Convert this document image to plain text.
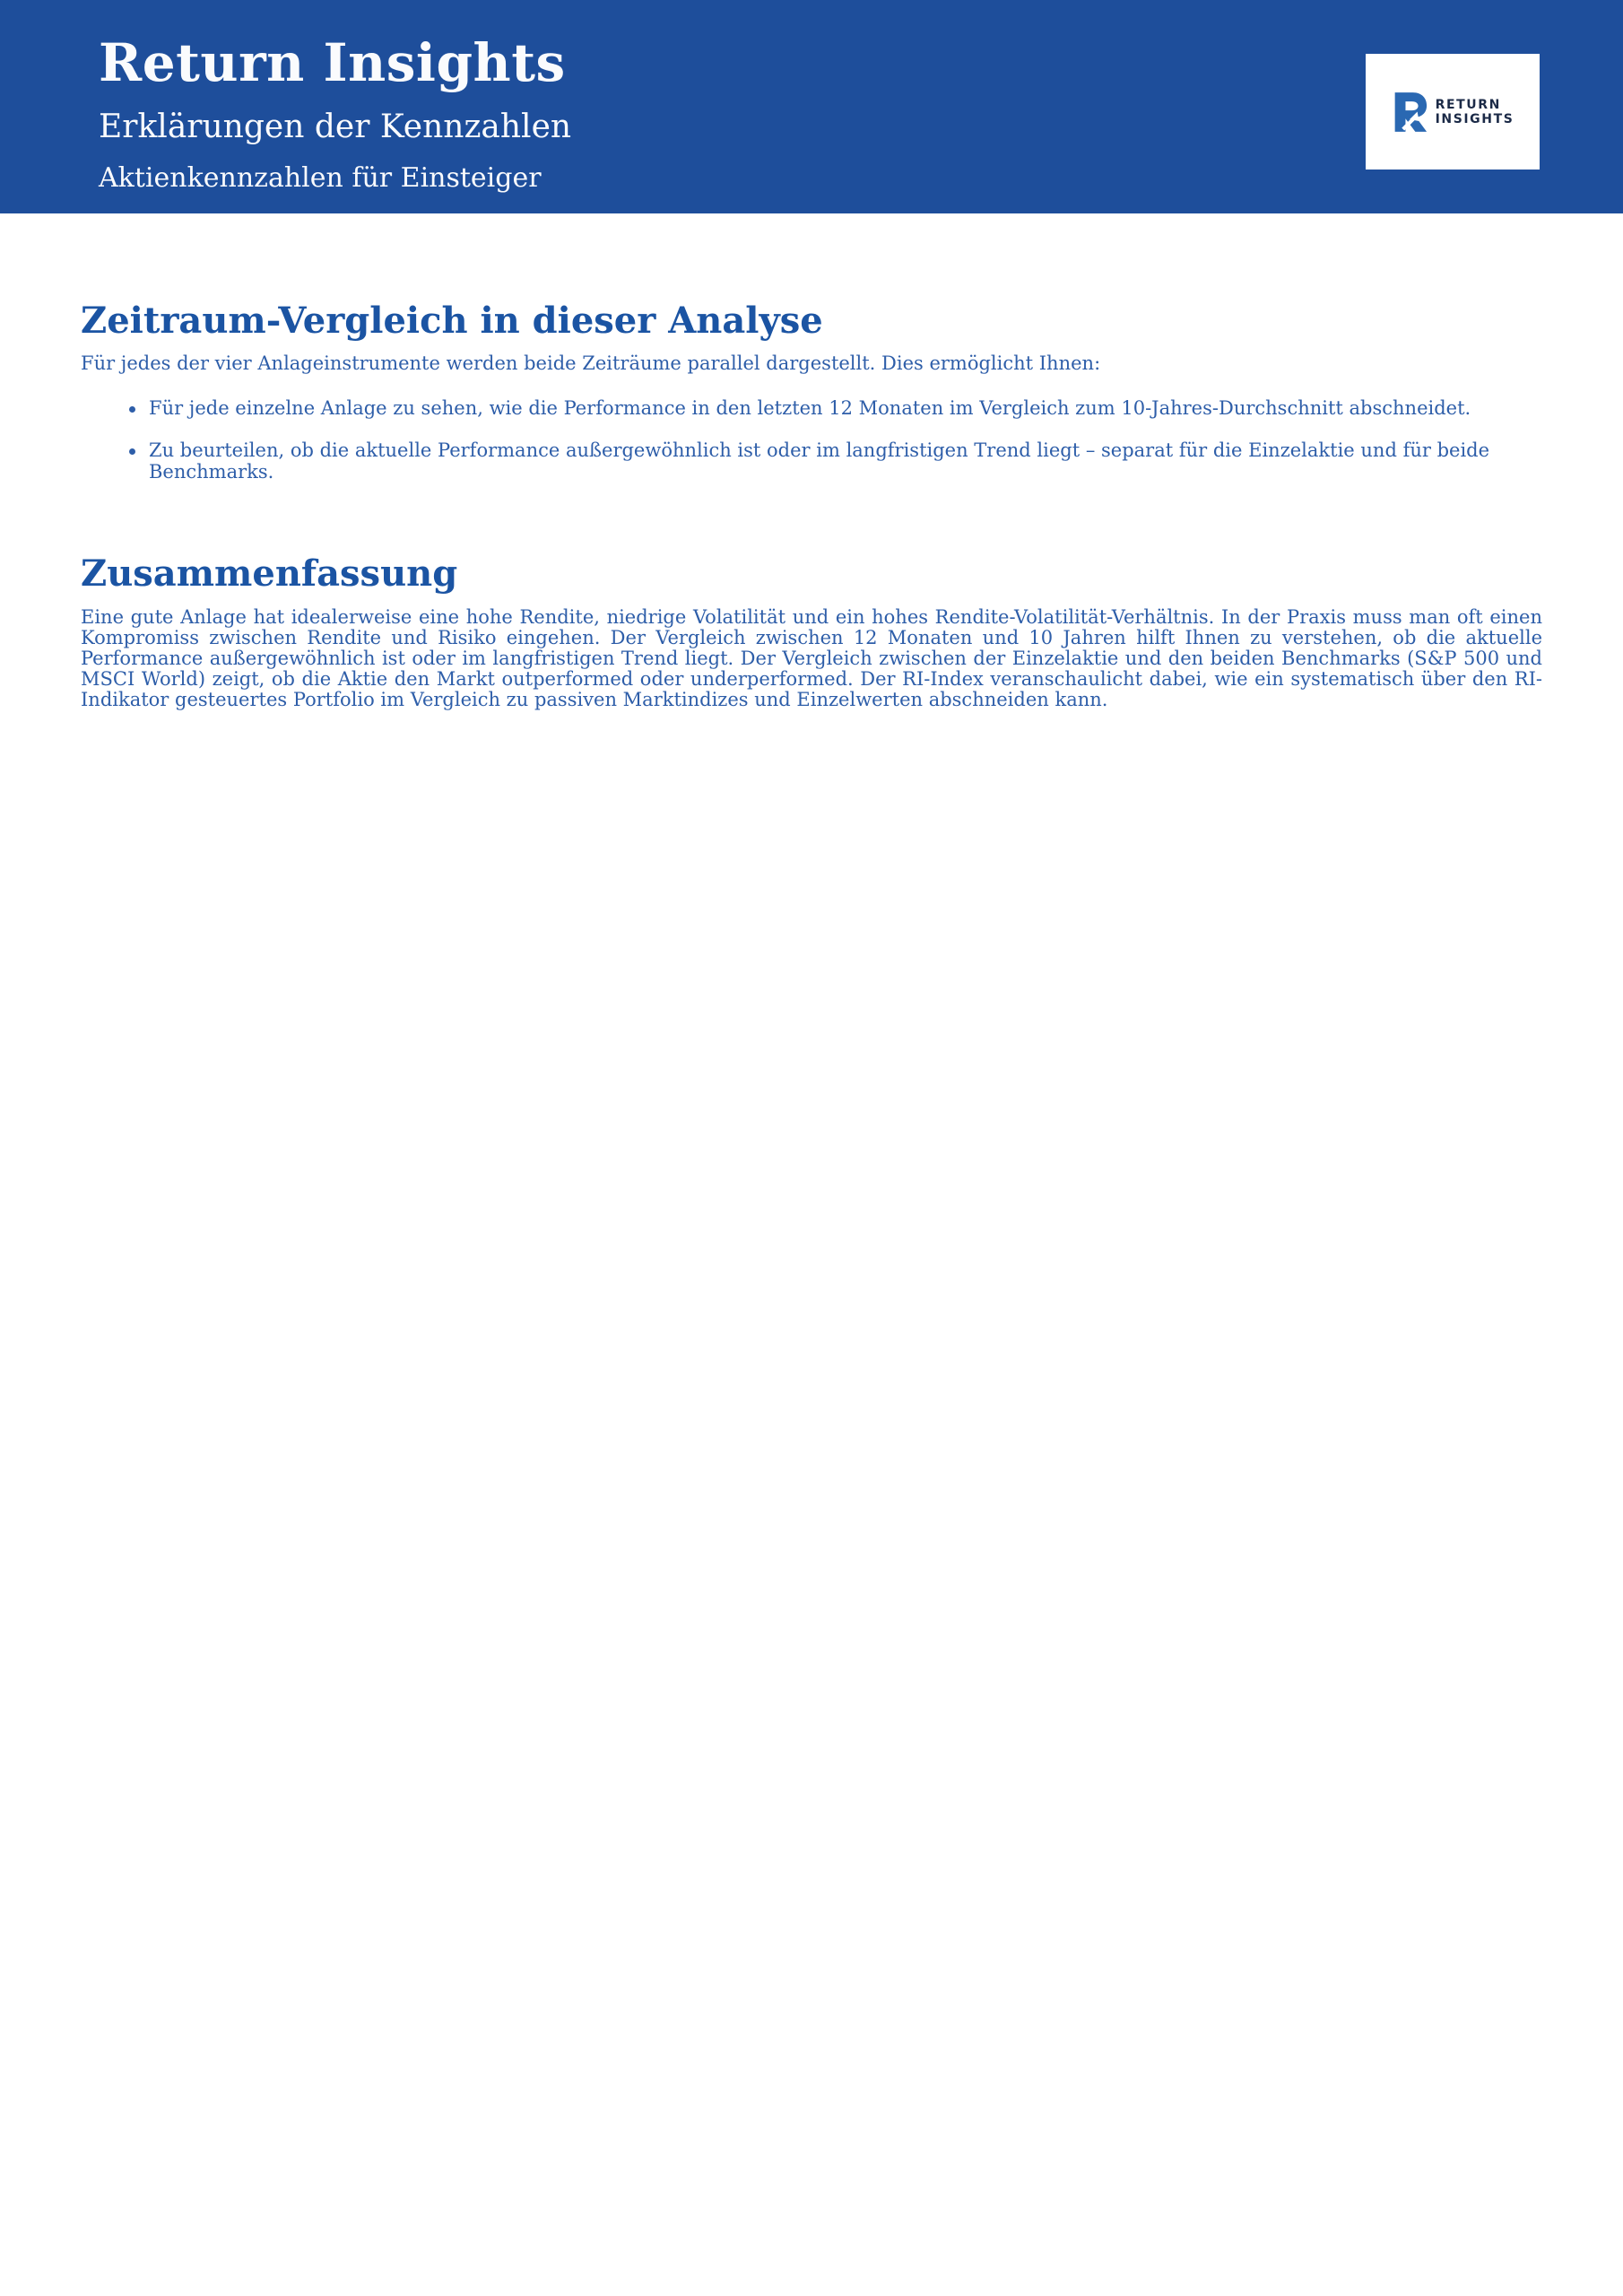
Return Insights
Erklärungen der Kennzahlen
Aktienkennzahlen für Einsteiger
RETURN
INSIGHTS
Zeitraum-Vergleich in dieser Analyse

Für jedes der vier Anlageinstrumente werden beide Zeiträume parallel dargestellt. Dies ermöglicht Ihnen:

Für jede einzelne Anlage zu sehen, wie die Performance in den letzten 12 Monaten im Vergleich zum 10-Jahres-Durchschnitt abschneidet.
Zu beurteilen, ob die aktuelle Performance außergewöhnlich ist oder im langfristigen Trend liegt – separat für die Einzelaktie und für beide Benchmarks.
Zusammenfassung

Eine gute Anlage hat idealerweise eine hohe Rendite, niedrige Volatilität und ein hohes Rendite-Volatilität-Verhältnis. In der Praxis muss man oft einen Kompromiss zwischen Rendite und Risiko eingehen. Der Vergleich zwischen 12 Monaten und 10 Jahren hilft Ihnen zu verstehen, ob die aktuelle Performance außergewöhnlich ist oder im langfristigen Trend liegt. Der Vergleich zwischen der Einzelaktie und den beiden Benchmarks (S&P 500 und MSCI World) zeigt, ob die Aktie den Markt outperformed oder underperformed. Der RI-Index veranschaulicht dabei, wie ein systematisch über den RI-Indikator gesteuertes Portfolio im Vergleich zu passiven Marktindizes und Einzelwerten abschneiden kann.
